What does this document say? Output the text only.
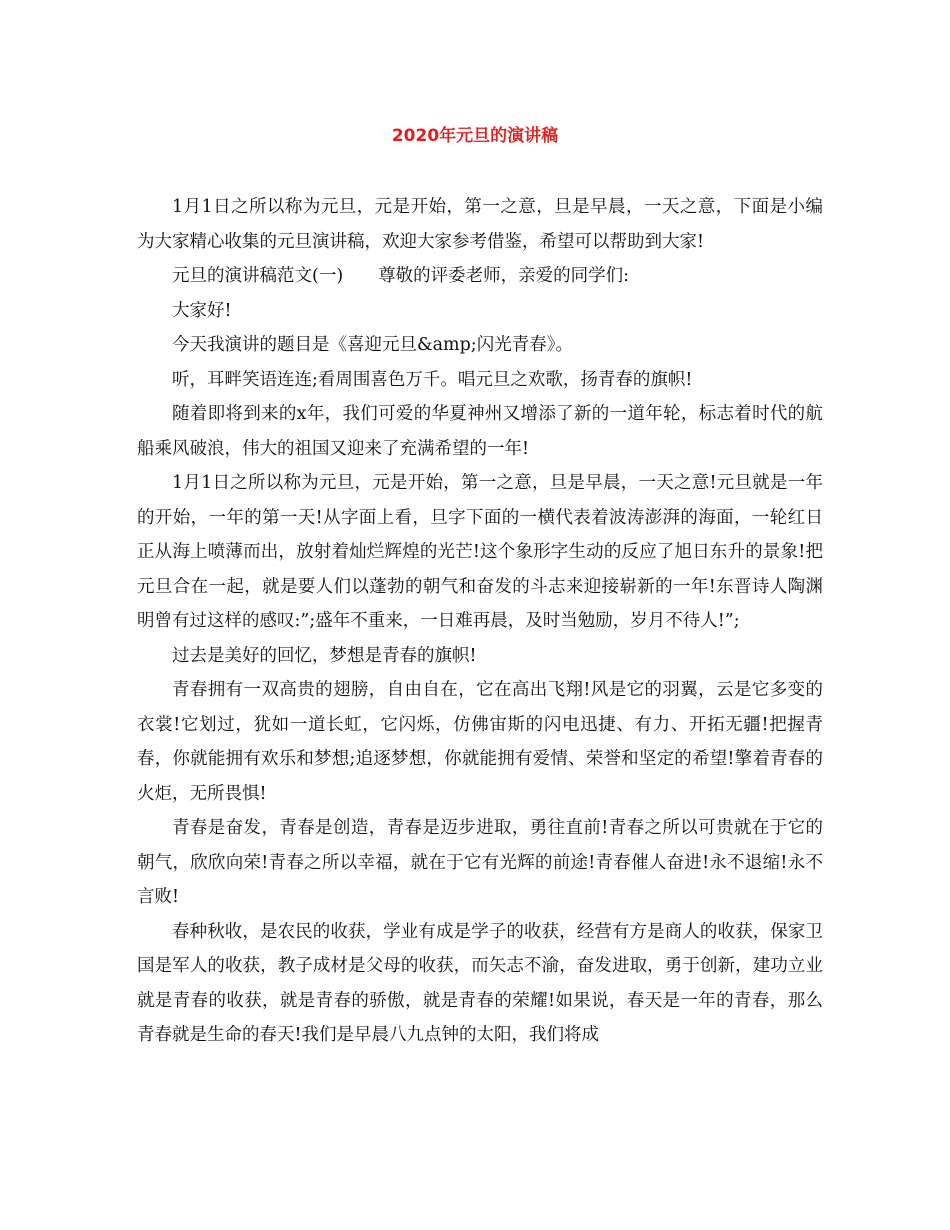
2020年元旦的演讲稿

1月1日之所以称为元旦，元是开始，第一之意，旦是早晨，一天之意，下面是小编为大家精心收集的元旦演讲稿，欢迎大家参考借鉴，希望可以帮助到大家!

元旦的演讲稿范文(一)　　尊敬的评委老师，亲爱的同学们:

大家好!

今天我演讲的题目是《喜迎元旦&amp;闪光青春》。

听，耳畔笑语连连;看周围喜色万千。唱元旦之欢歌，扬青春的旗帜!

随着即将到来的x年，我们可爱的华夏神州又增添了新的一道年轮，标志着时代的航船乘风破浪，伟大的祖国又迎来了充满希望的一年!

1月1日之所以称为元旦，元是开始，第一之意，旦是早晨，一天之意!元旦就是一年的开始，一年的第一天!从字面上看，旦字下面的一横代表着波涛澎湃的海面，一轮红日正从海上喷薄而出，放射着灿烂辉煌的光芒!这个象形字生动的反应了旭日东升的景象!把元旦合在一起，就是要人们以蓬勃的朝气和奋发的斗志来迎接崭新的一年!东晋诗人陶渊明曾有过这样的感叹:”;盛年不重来，一日难再晨，及时当勉励，岁月不待人!”;

过去是美好的回忆，梦想是青春的旗帜!

青春拥有一双高贵的翅膀，自由自在，它在高出飞翔!风是它的羽翼，云是它多变的衣裳!它划过，犹如一道长虹，它闪烁，仿佛宙斯的闪电迅捷、有力、开拓无疆!把握青春，你就能拥有欢乐和梦想;追逐梦想，你就能拥有爱情、荣誉和坚定的希望!擎着青春的火炬，无所畏惧!

青春是奋发，青春是创造，青春是迈步进取，勇往直前!青春之所以可贵就在于它的朝气，欣欣向荣!青春之所以幸福，就在于它有光辉的前途!青春催人奋进!永不退缩!永不言败!

春种秋收，是农民的收获，学业有成是学子的收获，经营有方是商人的收获，保家卫国是军人的收获，教子成材是父母的收获，而矢志不渝，奋发进取，勇于创新，建功立业就是青春的收获，就是青春的骄傲，就是青春的荣耀!如果说，春天是一年的青春，那么青春就是生命的春天!我们是早晨八九点钟的太阳，我们将成
